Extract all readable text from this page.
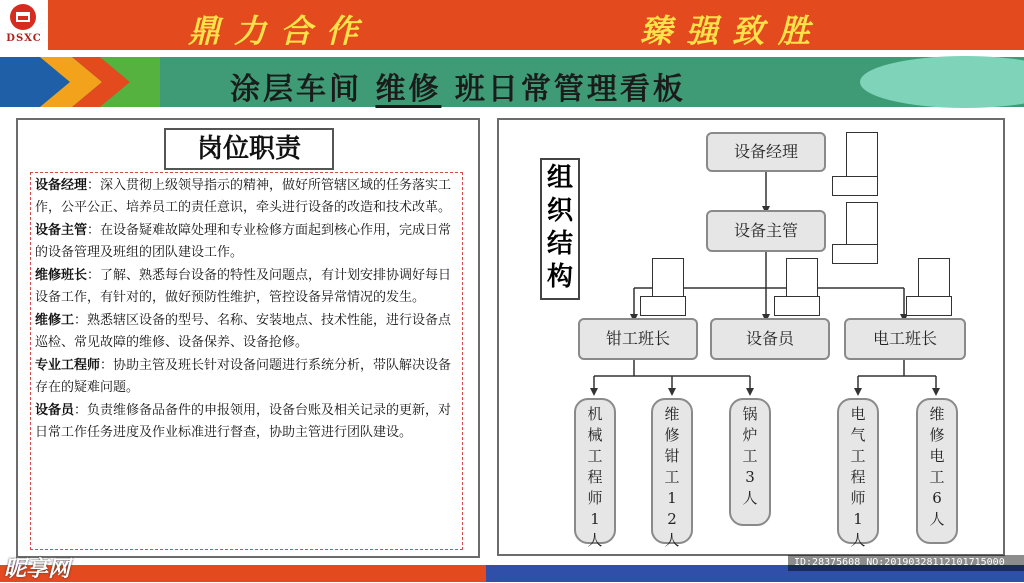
DSXC	鼎力合作	臻强致胜
涂层车间 维修 班日常管理看板
岗位职责

设备经理：深入贯彻上级领导指示的精神，做好所管辖区域的任务落实工作，公平公正、培养员工的责任意识，牵头进行设备的改造和技术改革。

设备主管：在设备疑难故障处理和专业检修方面起到核心作用，完成日常的设备管理及班组的团队建设工作。

维修班长：了解、熟悉每台设备的特性及问题点，有计划安排协调好每日设备工作，有针对的，做好预防性维护，管控设备异常情况的发生。

维修工：熟悉辖区设备的型号、名称、安装地点、技术性能，进行设备点巡检、常见故障的维修、设备保养、设备抢修。

专业工程师：协助主管及班长针对设备问题进行系统分析，带队解决设备存在的疑难问题。

设备员：负责维修备品备件的申报领用，设备台账及相关记录的更新，对日常工作任务进度及作业标准进行督查，协助主管进行团队建设。

组
织
结
构
设备经理
设备主管
钳工班长	设备员	电工班长
机
械
工
程
师
1
人
维
修
钳
工
1
2
人
锅
炉
工
3
人
电
气
工
程
师
1
人
维
修
电
工
6
人
昵享网	ID:28375608 NO:20190328112101715000
